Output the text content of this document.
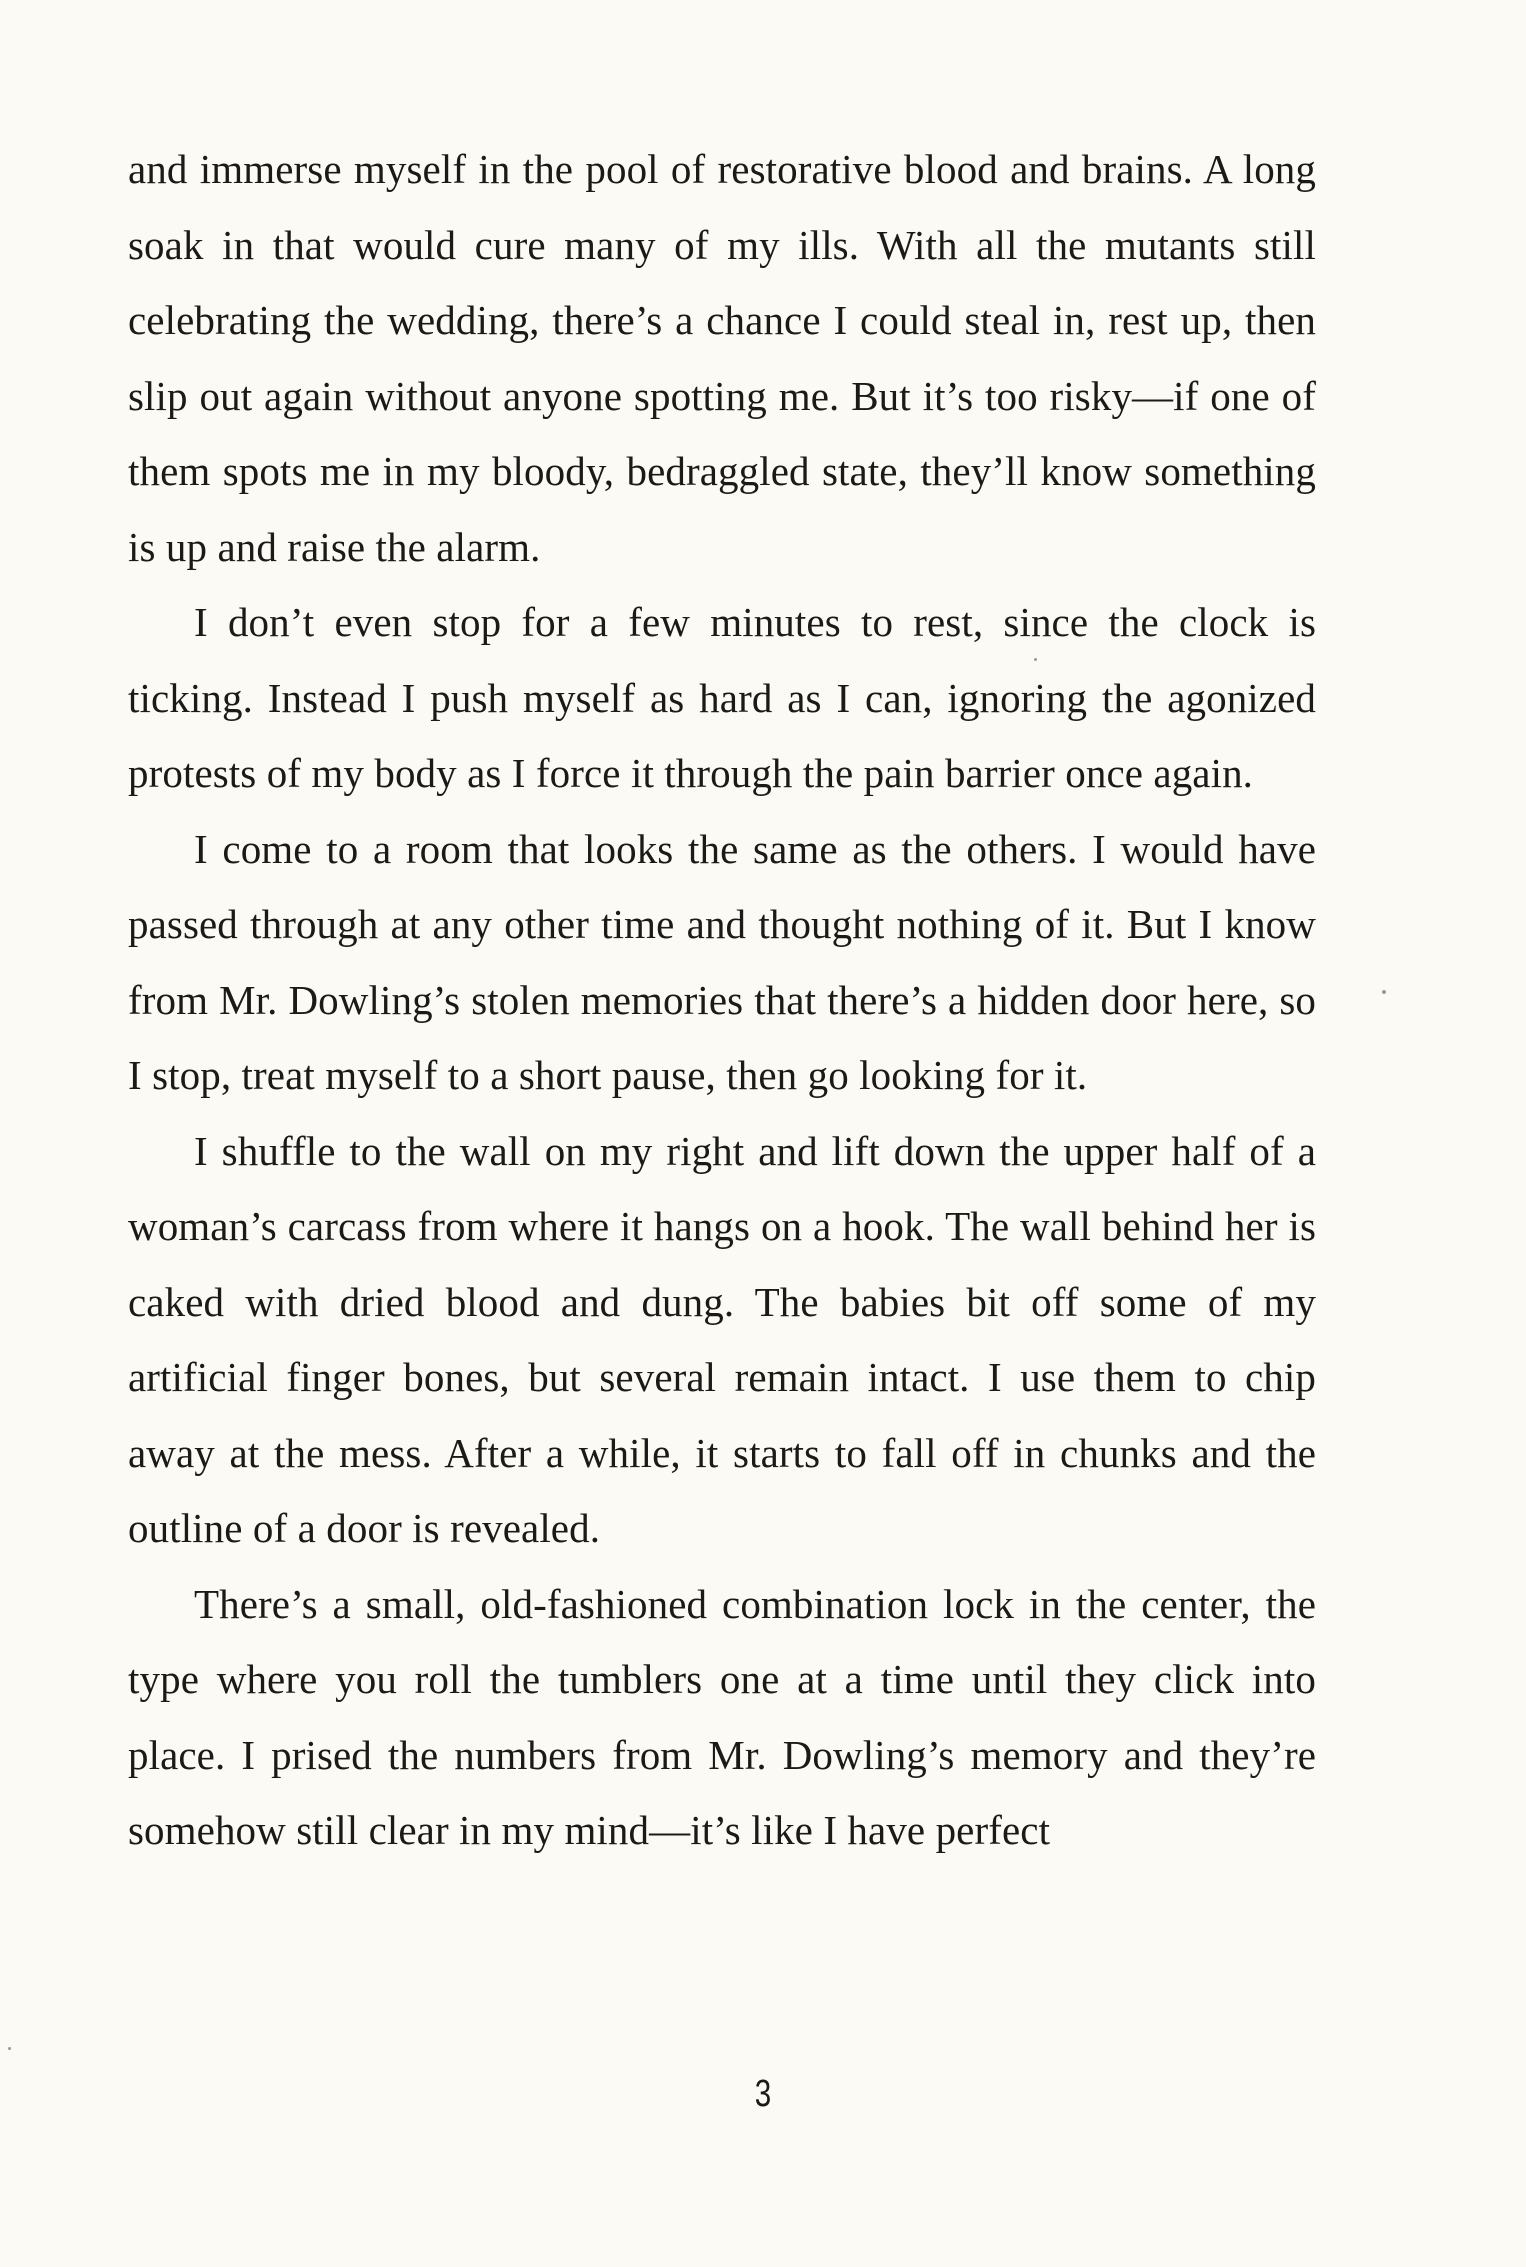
and immerse myself in the pool of restorative blood and brains. A long soak in that would cure many of my ills. With all the mutants still celebrating the wedding, there’s a chance I could steal in, rest up, then slip out again without anyone spotting me. But it’s too risky—if one of them spots me in my bloody, bedraggled state, they’ll know something is up and raise the alarm.

I don’t even stop for a few minutes to rest, since the clock is ticking. Instead I push myself as hard as I can, ignoring the agonized protests of my body as I force it through the pain barrier once again.

I come to a room that looks the same as the others. I would have passed through at any other time and thought nothing of it. But I know from Mr. Dowling’s stolen memories that there’s a hidden door here, so I stop, treat myself to a short pause, then go looking for it.

I shuffle to the wall on my right and lift down the upper half of a woman’s carcass from where it hangs on a hook. The wall behind her is caked with dried blood and dung. The babies bit off some of my artificial finger bones, but several remain intact. I use them to chip away at the mess. After a while, it starts to fall off in chunks and the outline of a door is revealed.

There’s a small, old-fashioned combination lock in the center, the type where you roll the tumblers one at a time until they click into place. I prised the numbers from Mr. Dowling’s memory and they’re somehow still clear in my mind—it’s like I have perfect

3
